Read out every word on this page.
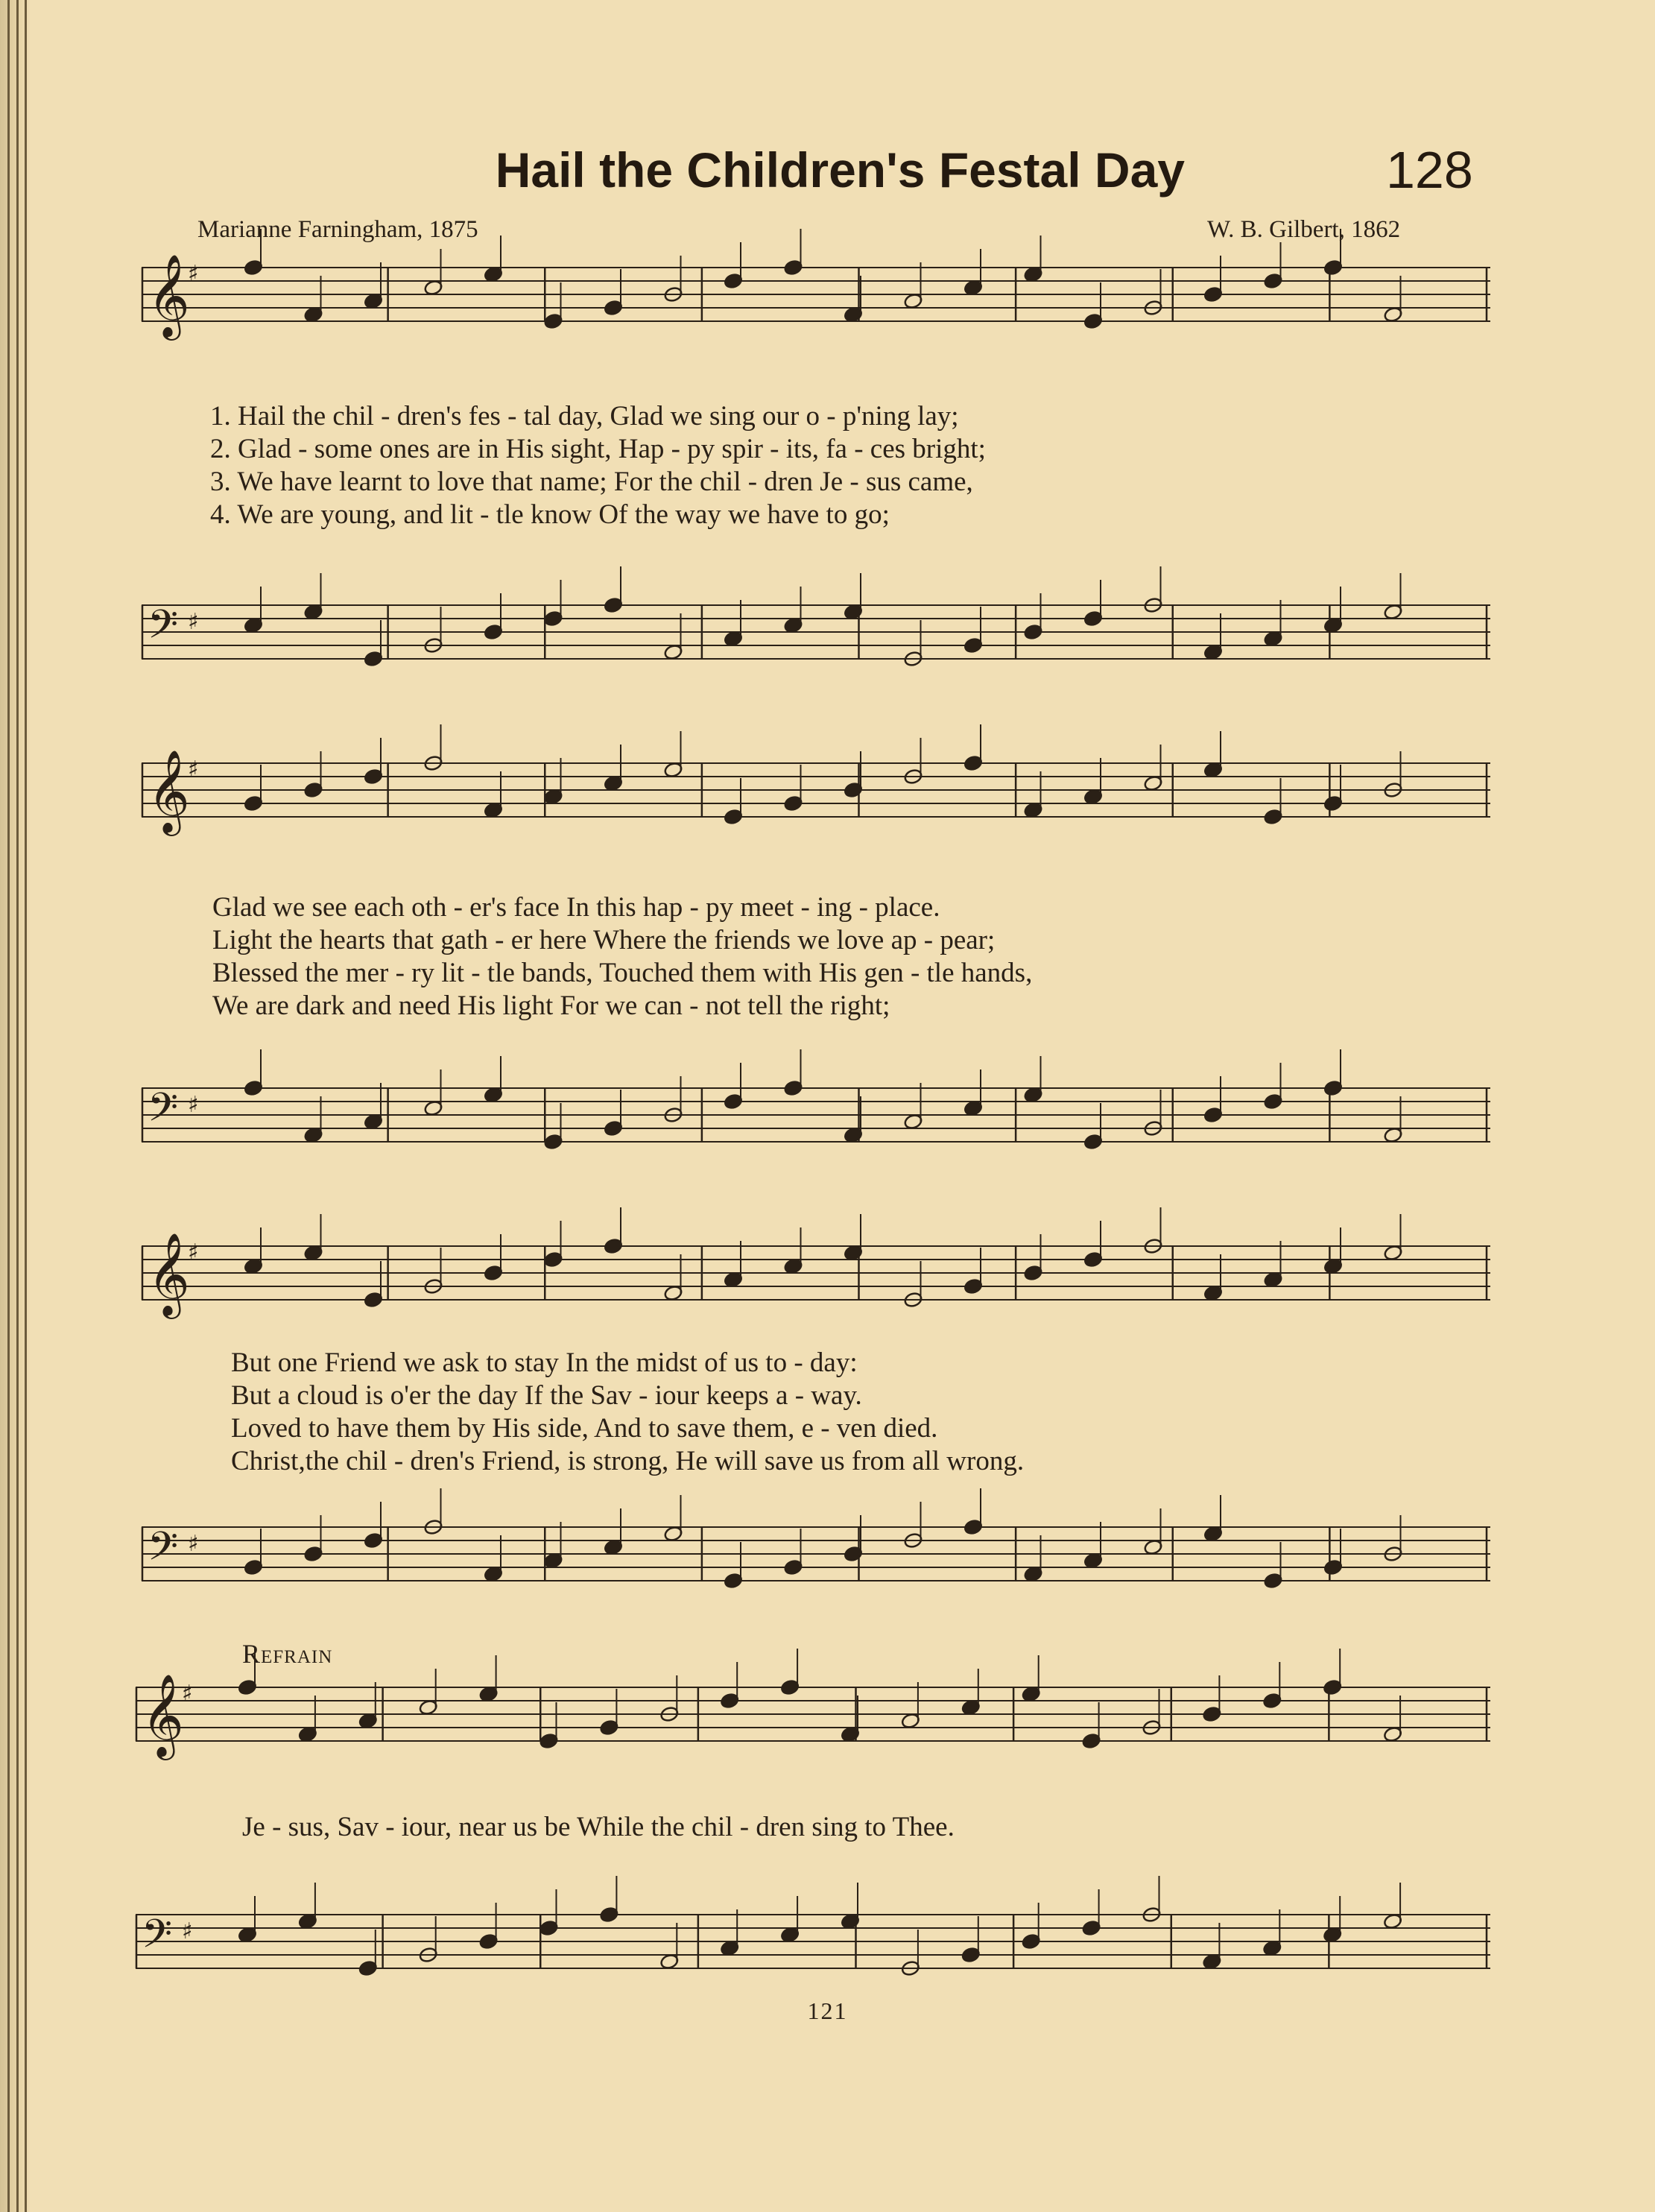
Hail the Children's Festal Day	128
Marianne Farningham, 1875	W. B. Gilbert, 1862
𝄞
♯
𝄢 ♯
1. Hail the chil - dren's fes - tal day, Glad we sing our o - p'ning lay;
2. Glad - some ones are in His sight, Hap - py spir - its, fa - ces bright;
3. We have learnt to love that name; For the chil - dren Je - sus came,
4. We are young, and lit - tle know Of the way we have to go;
𝄞
♯
𝄢 ♯
Glad we see each oth - er's face In this hap - py meet - ing - place.
Light the hearts that gath - er here Where the friends we love ap - pear;
Blessed the mer - ry lit - tle bands, Touched them with His gen - tle hands,
We are dark and need His light For we can - not tell the right;
𝄞
♯
𝄢 ♯
But one Friend we ask to stay In the midst of us to - day:
But a cloud is o'er the day If the Sav - iour keeps a - way.
Loved to have them by His side, And to save them, e - ven died.
Christ,the chil - dren's Friend, is strong, He will save us from all wrong.
Refrain
𝄞
♯
Je - sus, Sav - iour, near us be While the chil - dren sing to Thee.
𝄢 ♯
121
